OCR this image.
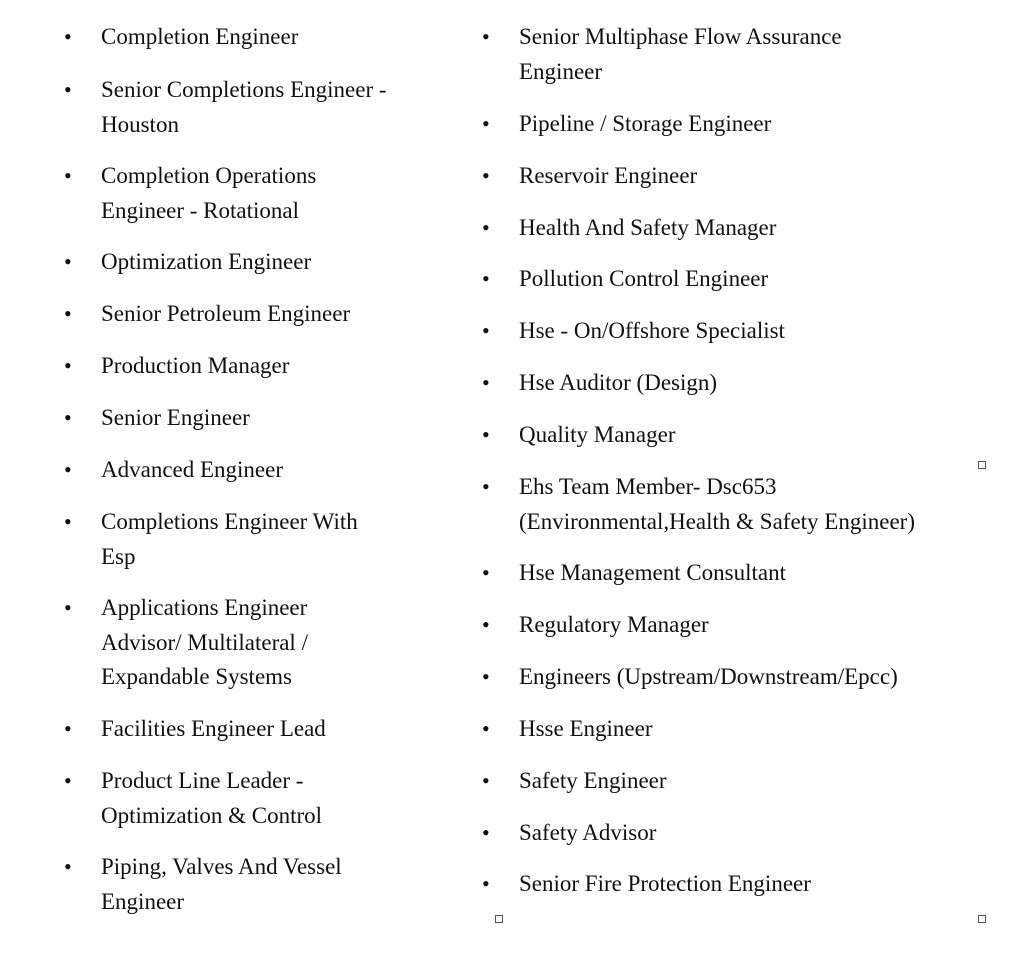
• Completion Engineer
• Senior Completions Engineer -
Houston
• Completion Operations
Engineer - Rotational
• Optimization Engineer
• Senior Petroleum Engineer
• Production Manager
• Senior Engineer
• Advanced Engineer
• Completions Engineer With
Esp
• Applications Engineer
Advisor/ Multilateral /
Expandable Systems
• Facilities Engineer Lead
• Product Line Leader -
Optimization & Control
• Piping, Valves And Vessel
Engineer
• Senior Multiphase Flow Assurance
Engineer
• Pipeline / Storage Engineer
• Reservoir Engineer
• Health And Safety Manager
• Pollution Control Engineer
• Hse - On/Offshore Specialist
• Hse Auditor (Design)
• Quality Manager
• Ehs Team Member- Dsc653
(Environmental,Health & Safety Engineer)
• Hse Management Consultant
• Regulatory Manager
• Engineers (Upstream/Downstream/Epcc)
• Hsse Engineer
• Safety Engineer
• Safety Advisor
• Senior Fire Protection Engineer
